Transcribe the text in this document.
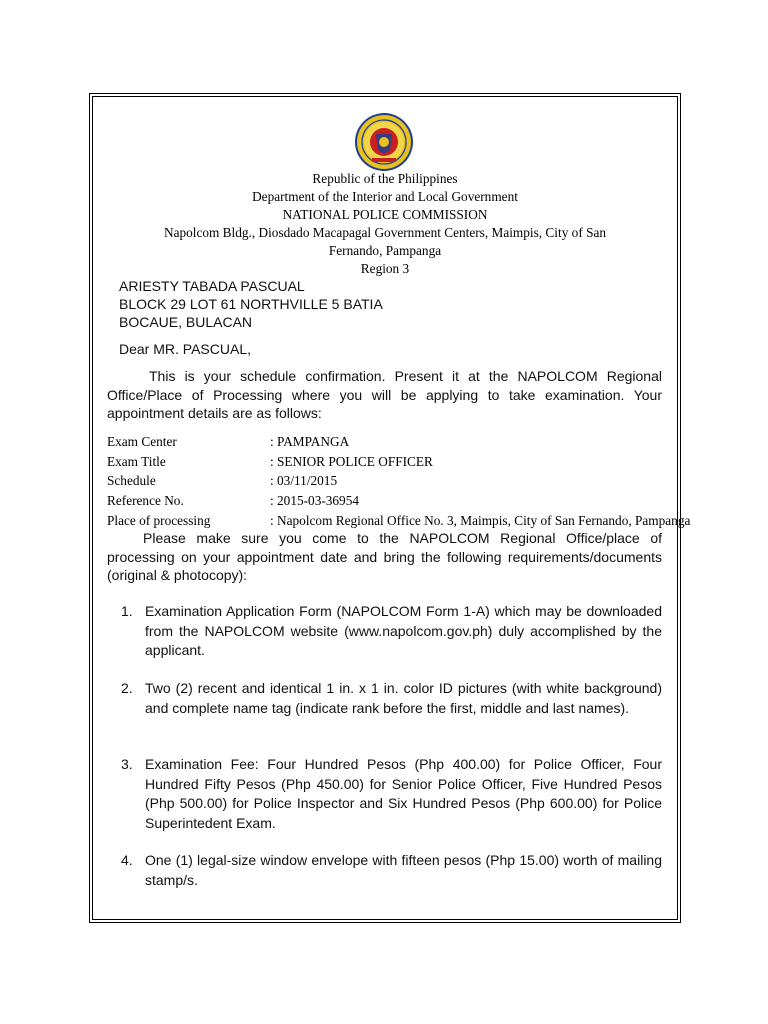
Republic of the Philippines
Department of the Interior and Local Government
NATIONAL POLICE COMMISSION
Napolcom Bldg., Diosdado Macapagal Government Centers, Maimpis, City of San
Fernando, Pampanga
Region 3
ARIESTY TABADA PASCUAL
BLOCK 29 LOT 61 NORTHVILLE 5 BATIA
BOCAUE, BULACAN
Dear MR. PASCUAL,
This is your schedule confirmation. Present it at the NAPOLCOM Regional Office/Place of Processing where you will be applying to take examination. Your appointment details are as follows:
Exam Center	: PAMPANGA
Exam Title	: SENIOR POLICE OFFICER
Schedule	: 03/11/2015
Reference No.	: 2015-03-36954
Place of processing	: Napolcom Regional Office No. 3, Maimpis, City of San Fernando, Pampanga
Please make sure you come to the NAPOLCOM Regional Office/place of processing on your appointment date and bring the following requirements/documents (original & photocopy):
1. Examination Application Form (NAPOLCOM Form 1-A) which may be downloaded from the NAPOLCOM website (www.napolcom.gov.ph) duly accomplished by the applicant.
2. Two (2) recent and identical 1 in. x 1 in. color ID pictures (with white background) and complete name tag (indicate rank before the first, middle and last names).
3. Examination Fee: Four Hundred Pesos (Php 400.00) for Police Officer, Four Hundred Fifty Pesos (Php 450.00) for Senior Police Officer, Five Hundred Pesos (Php 500.00) for Police Inspector and Six Hundred Pesos (Php 600.00) for Police Superintedent Exam.
4. One (1) legal-size window envelope with fifteen pesos (Php 15.00) worth of mailing stamp/s.
